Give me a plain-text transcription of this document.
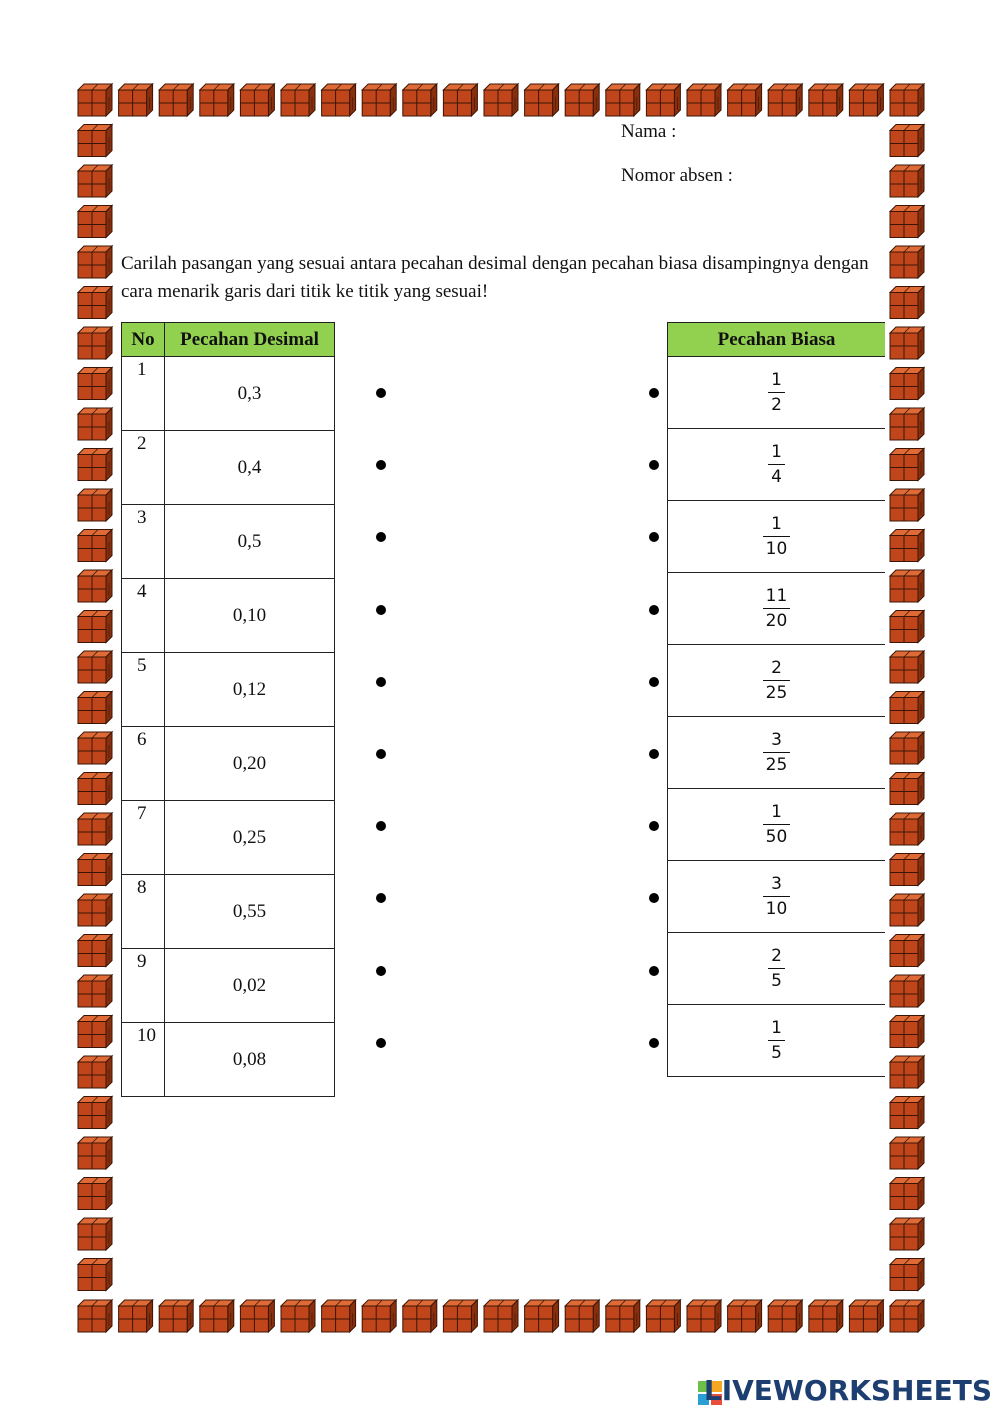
Nama :
Nomor absen :
Carilah pasangan yang sesuai antara pecahan desimal dengan pecahan biasa disampingnya dengan cara menarik garis dari titik ke titik yang sesuai!
No	Pecahan Desimal
1	0,3
2	0,4
3	0,5
4	0,10
5	0,12
6	0,20
7	0,25
8	0,55
9	0,02
10	0,08
Pecahan Biasa

$\frac{1}{2}$

$\frac{1}{4}$

$\frac{1}{10}$

$\frac{11}{20}$

$\frac{2}{25}$

$\frac{3}{25}$

$\frac{1}{50}$

$\frac{3}{10}$

$\frac{2}{5}$

$\frac{1}{5}$
LIVEWORKSHEETS
